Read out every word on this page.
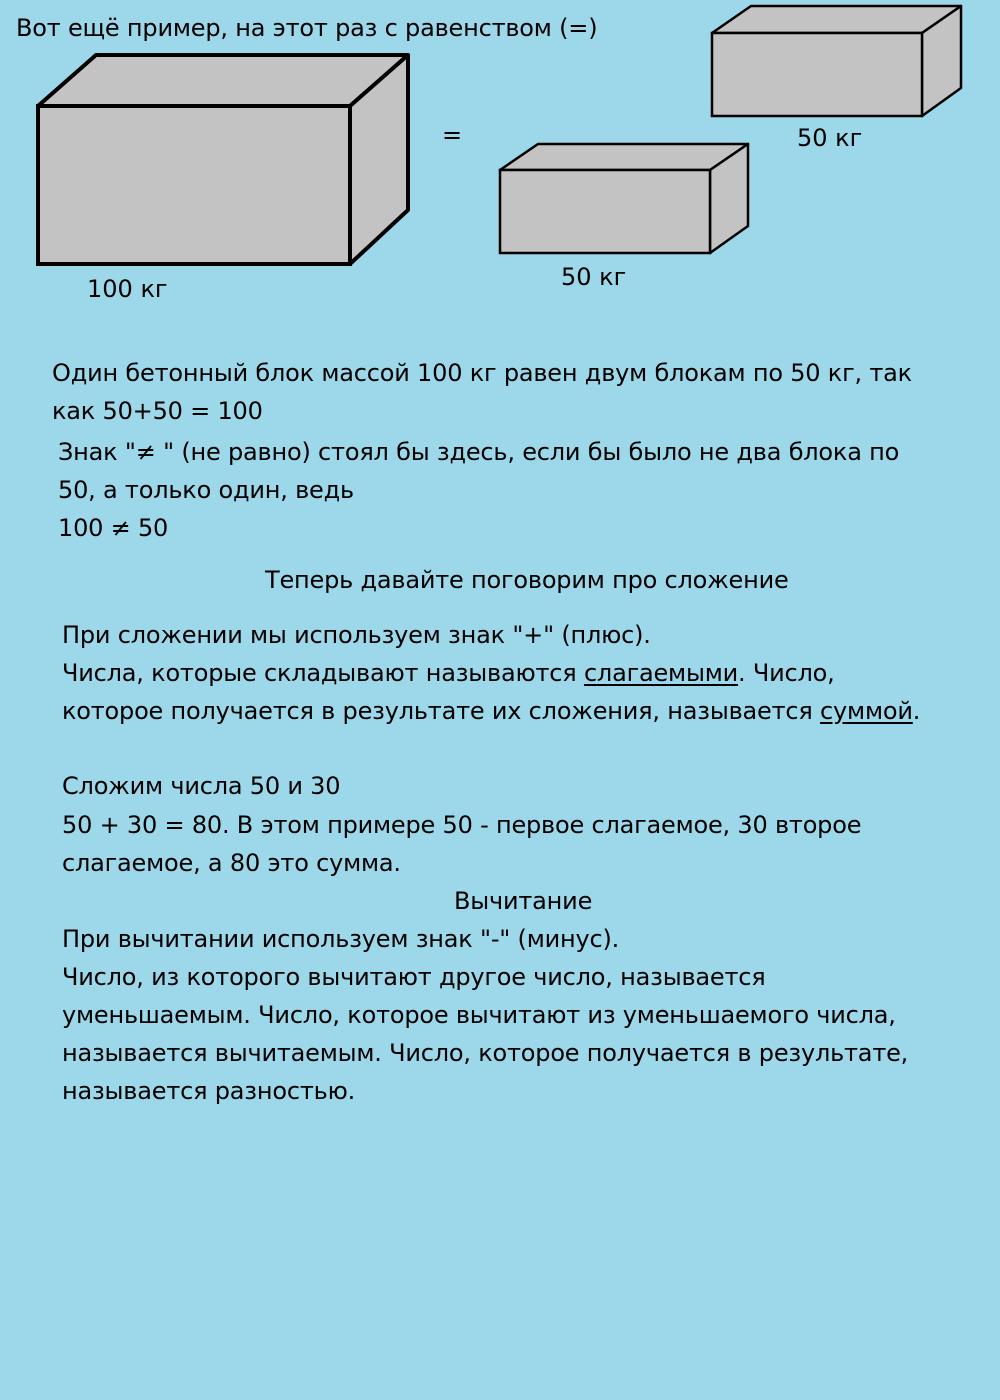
Вот ещё пример, на этот раз с равенством (=)

=
100 кг
50 кг
50 кг

Один бетонный блок массой 100 кг равен двум блокам по 50 кг, так

как 50+50 = 100

Знак "≠ " (не равно) стоял бы здесь, если бы было не два блока по

50, а только один, ведь

100 ≠ 50

Теперь давайте поговорим про сложение

При сложении мы используем знак "+" (плюс).

Числа, которые складывают называются слагаемыми. Число,

которое получается в результате их сложения, называется суммой.

Сложим числа 50 и 30

50 + 30 = 80. В этом примере 50 - первое слагаемое, 30 второе

слагаемое, а 80 это сумма.

Вычитание

При вычитании используем знак "-" (минус).

Число, из которого вычитают другое число, называется

уменьшаемым. Число, которое вычитают из уменьшаемого числа,

называется вычитаемым. Число, которое получается в результате,

называется разностью.
